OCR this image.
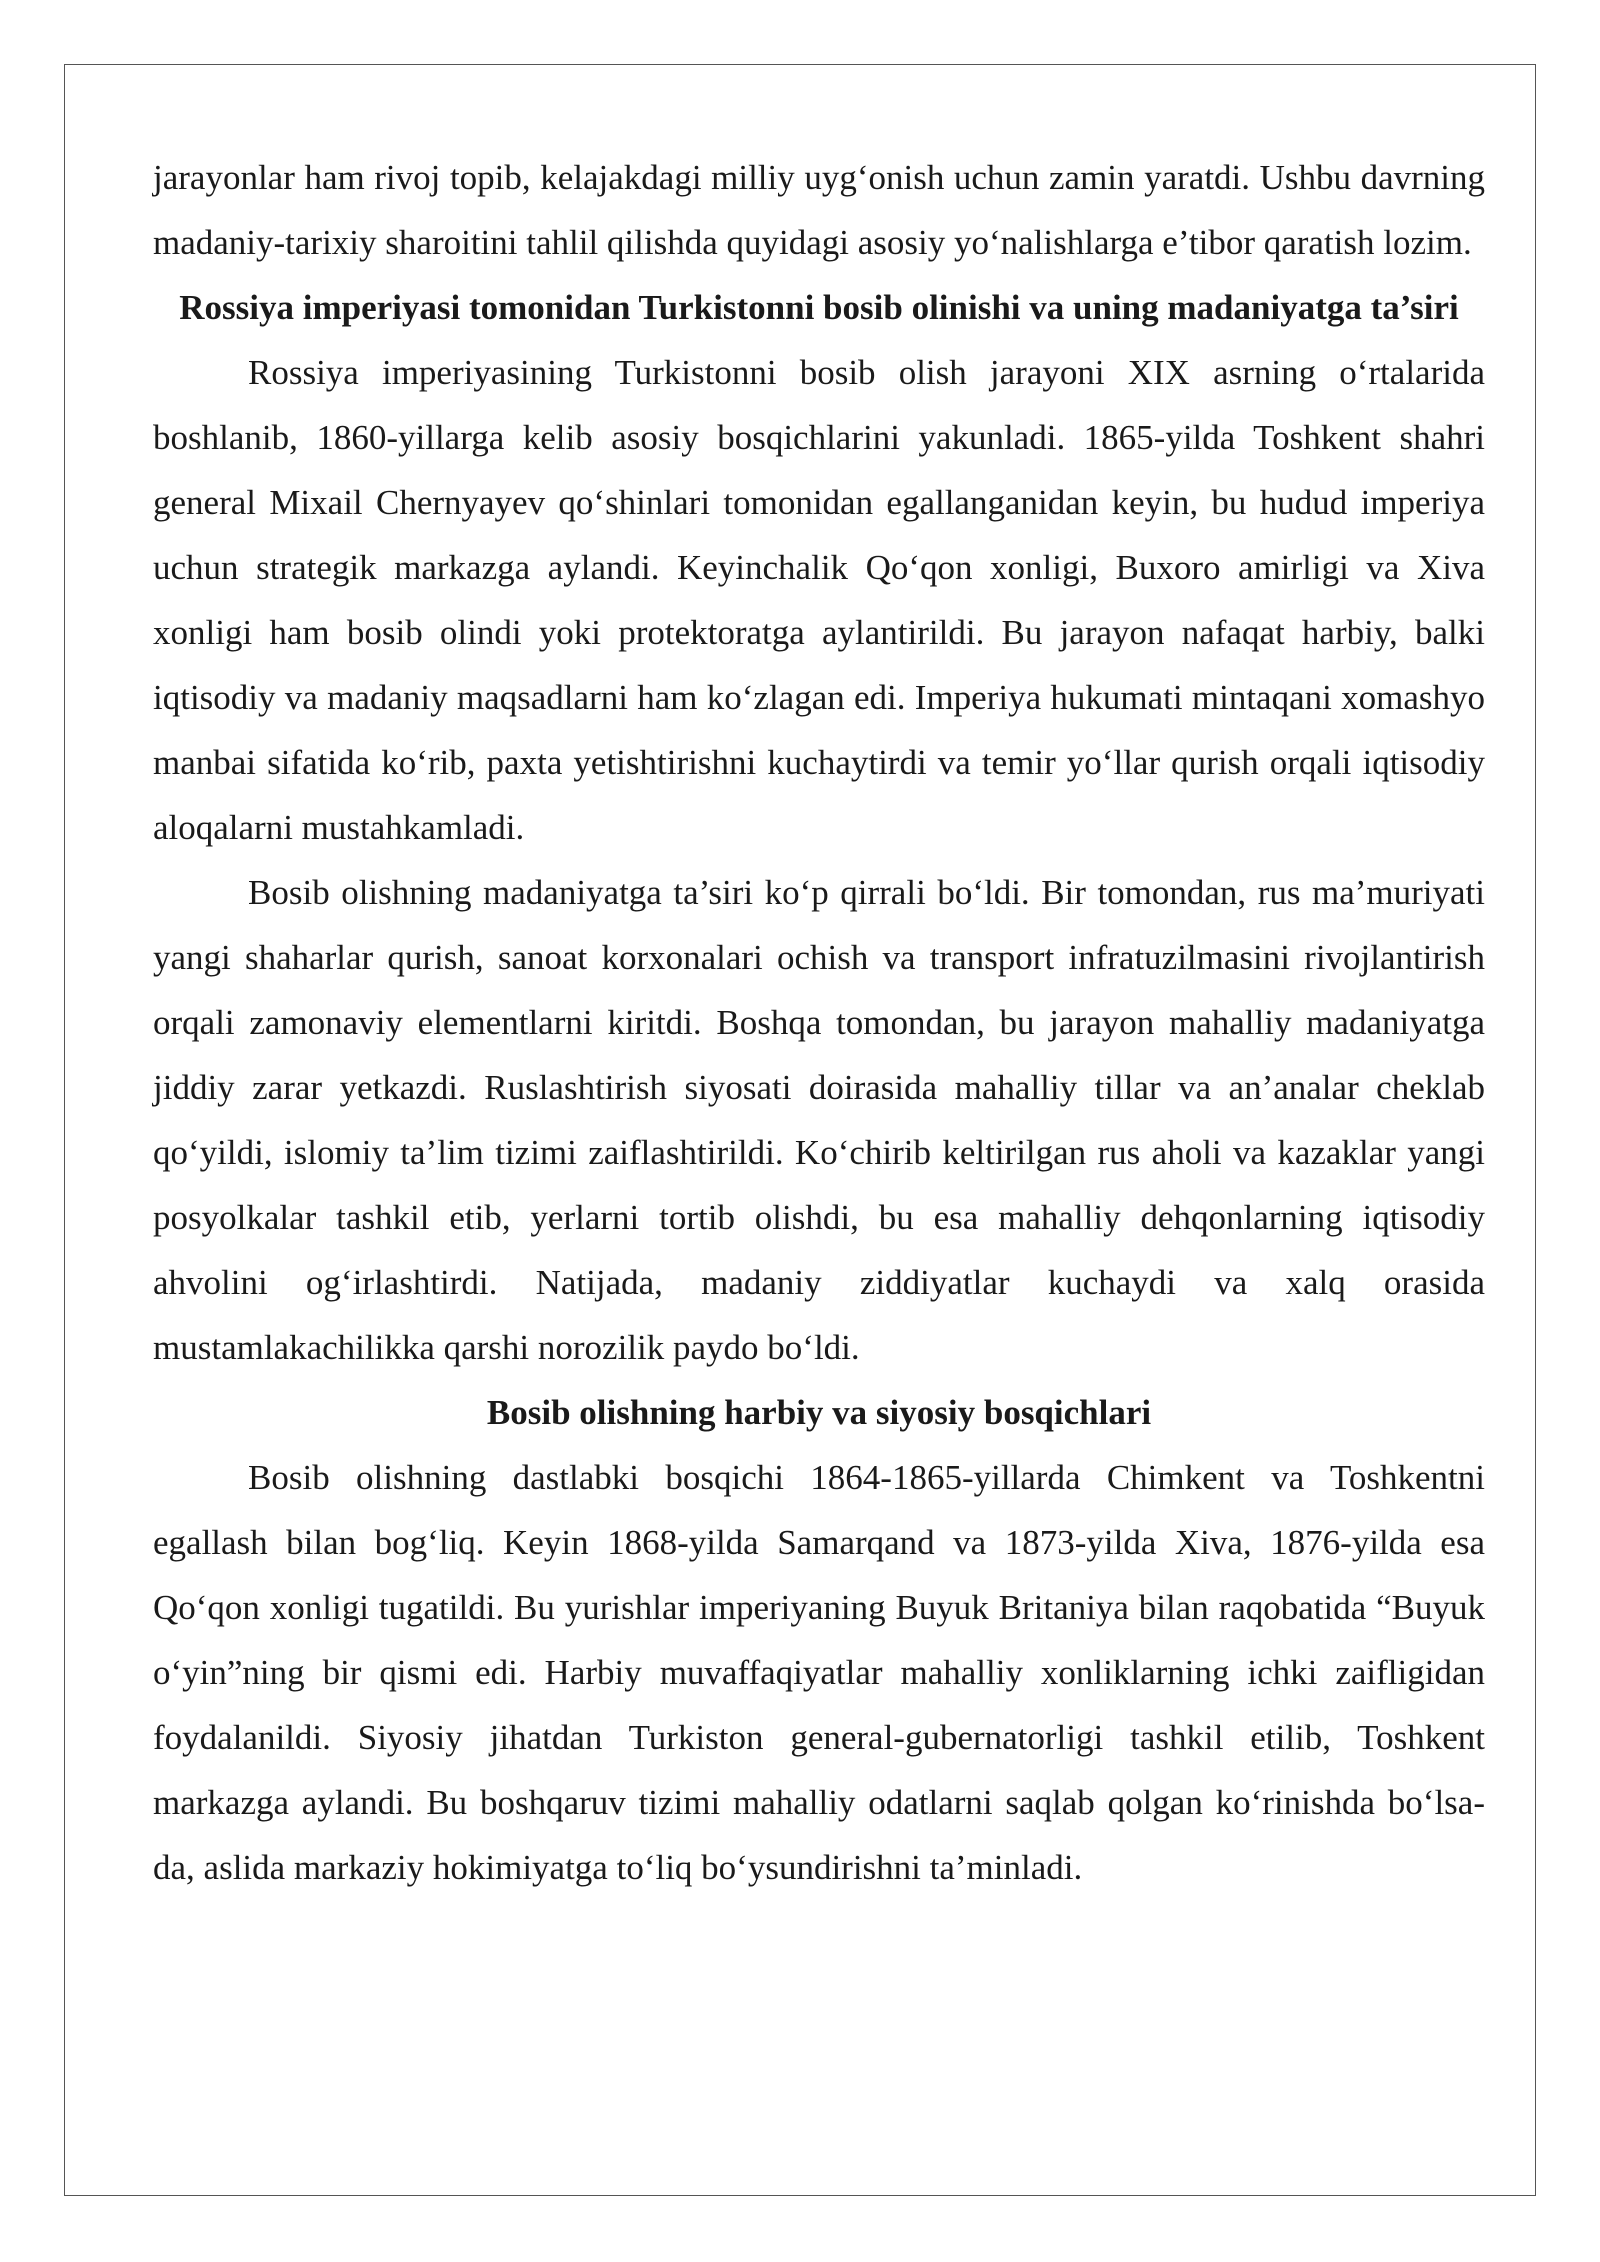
jarayonlar ham rivoj topib, kelajakdagi milliy uyg‘onish uchun zamin yaratdi. Ushbu davrning madaniy-tarixiy sharoitini tahlil qilishda quyidagi asosiy yo‘nalishlarga e’tibor qaratish lozim.

Rossiya imperiyasi tomonidan Turkistonni bosib olinishi va uning madaniyatga ta’siri

Rossiya imperiyasining Turkistonni bosib olish jarayoni XIX asrning o‘rtalarida boshlanib, 1860-yillarga kelib asosiy bosqichlarini yakunladi. 1865-yilda Toshkent shahri general Mixail Chernyayev qo‘shinlari tomonidan egallanganidan keyin, bu hudud imperiya uchun strategik markazga aylandi. Keyinchalik Qo‘qon xonligi, Buxoro amirligi va Xiva xonligi ham bosib olindi yoki protektoratga aylantirildi. Bu jarayon nafaqat harbiy, balki iqtisodiy va madaniy maqsadlarni ham ko‘zlagan edi. Imperiya hukumati mintaqani xomashyo manbai sifatida ko‘rib, paxta yetishtirishni kuchaytirdi va temir yo‘llar qurish orqali iqtisodiy aloqalarni mustahkamladi.

Bosib olishning madaniyatga ta’siri ko‘p qirrali bo‘ldi. Bir tomondan, rus ma’muriyati yangi shaharlar qurish, sanoat korxonalari ochish va transport infratuzilmasini rivojlantirish orqali zamonaviy elementlarni kiritdi. Boshqa tomondan, bu jarayon mahalliy madaniyatga jiddiy zarar yetkazdi. Ruslashtirish siyosati doirasida mahalliy tillar va an’analar cheklab qo‘yildi, islomiy ta’lim tizimi zaiflashtirildi. Ko‘chirib keltirilgan rus aholi va kazaklar yangi posyolkalar tashkil etib, yerlarni tortib olishdi, bu esa mahalliy dehqonlarning iqtisodiy ahvolini og‘irlashtirdi. Natijada, madaniy ziddiyatlar kuchaydi va xalq orasida mustamlakachilikka qarshi norozilik paydo bo‘ldi.

Bosib olishning harbiy va siyosiy bosqichlari

Bosib olishning dastlabki bosqichi 1864-1865-yillarda Chimkent va Toshkentni egallash bilan bog‘liq. Keyin 1868-yilda Samarqand va 1873-yilda Xiva, 1876-yilda esa Qo‘qon xonligi tugatildi. Bu yurishlar imperiyaning Buyuk Britaniya bilan raqobatida “Buyuk o‘yin”ning bir qismi edi. Harbiy muvaffaqiyatlar mahalliy xonliklarning ichki zaifligidan foydalanildi. Siyosiy jihatdan Turkiston general-gubernatorligi tashkil etilib, Toshkent markazga aylandi. Bu boshqaruv tizimi mahalliy odatlarni saqlab qolgan ko‘rinishda bo‘lsa-da, aslida markaziy hokimiyatga to‘liq bo‘ysundirishni ta’minladi.
